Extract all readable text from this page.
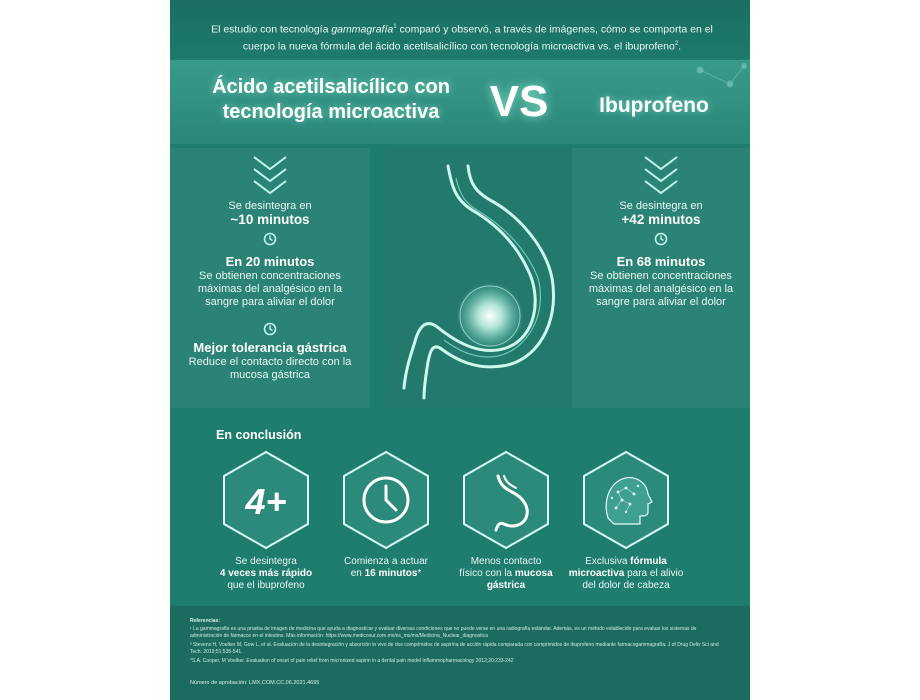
El estudio con tecnología gammagrafía$^1$ comparó y observó, a través de imágenes, cómo se comporta en el cuerpo la nueva fórmula del ácido acetilsalicílico con tecnología microactiva vs. el ibuprofeno$^2$.

Ácido acetilsalicílico con
tecnología microactiva	VS	Ibuprofeno
Se desintegra en
~10 minutos
En 20 minutos
Se obtienen concentraciones
máximas del analgésico en la
sangre para aliviar el dolor
Mejor tolerancia gástrica
Reduce el contacto directo con la
mucosa gástrica
Se desintegra en
+42 minutos
En 68 minutos
Se obtienen concentraciones
máximas del analgésico en la
sangre para aliviar el dolor
En conclusión
4+
Se desintegra
4 veces más rápido
que el ibuprofeno
Comienza a actuar
en 16 minutos*
Menos contacto
físico con la mucosa
gástrica
Exclusiva fórmula
microactiva para el alivio
del dolor de cabeza
Referencias:
¹ La gammagrafía es una prueba de imagen de medicina que ayuda a diagnosticar y evaluar diversas condiciones que no puede verse en una radiografía estándar. Además, es un método establecido para evaluar los sistemas de administración de fármacos en el intestino. Más información: https://www.medicosur.com.mx/es_mx/ms/Medicina_Nuclear_diagnostica
² Stevens H, Voelker M, Gow L, et al. Evaluación de la desintegración y absorción in vivo de dos comprimidos de aspirina de acción rápida comparada con comprimidos de ibuprofeno mediante farmacogammagrafía. J of Drug Deliv Sci and Tech. 2019;51:535-541.
*S.A. Cooper, M Voelker. Evaluation of onset of pain relief from micronized aspirin in a dental pain model Inflammopharmacology 2012;20:233-242
Número de aprobación: LMX.COM.CC.06.2021.4695
